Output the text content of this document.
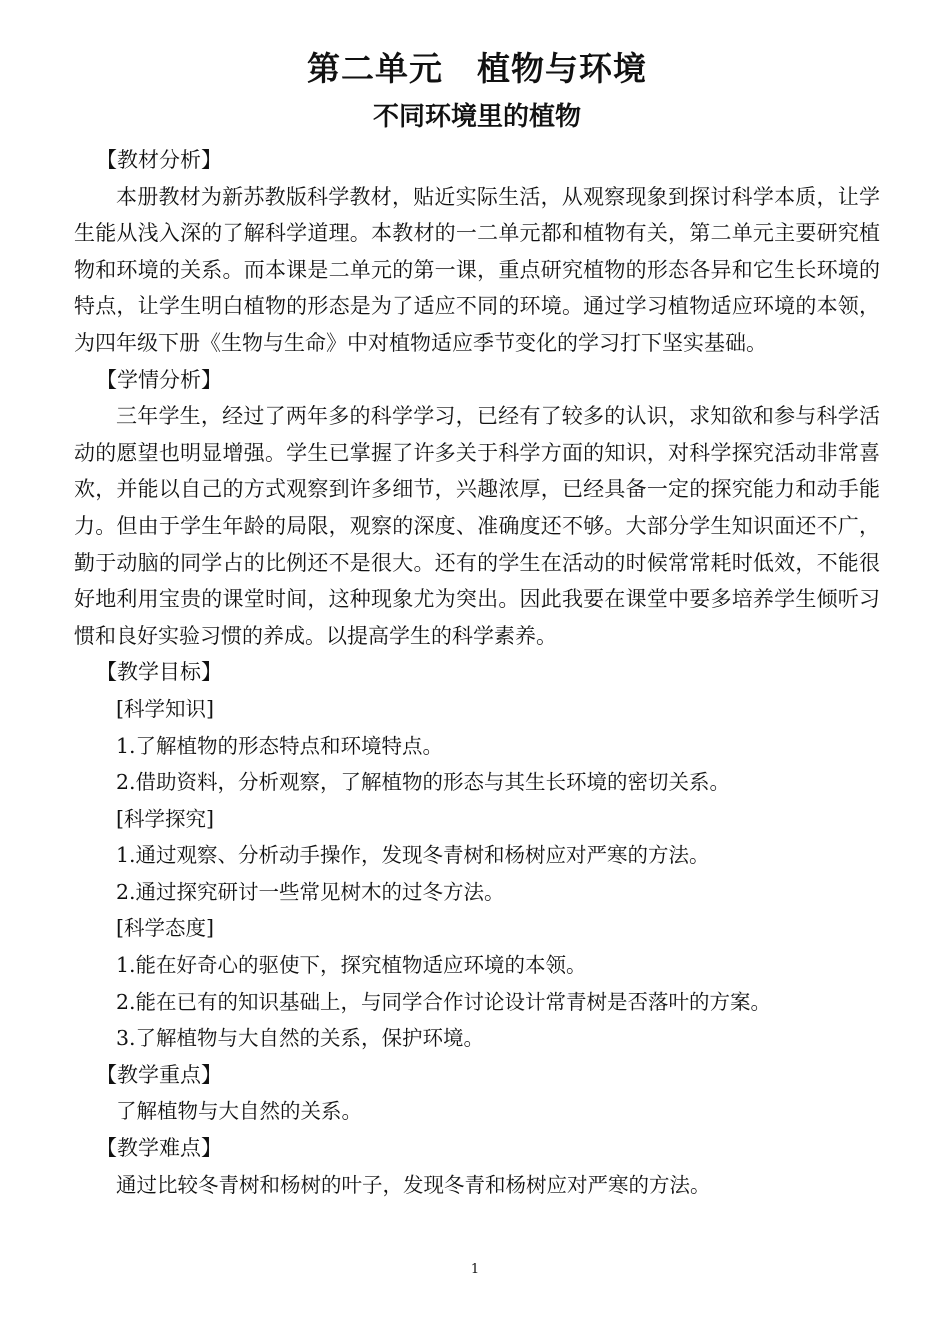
第二单元　植物与环境
不同环境里的植物

【教材分析】

本册教材为新苏教版科学教材，贴近实际生活，从观察现象到探讨科学本质，让学生能从浅入深的了解科学道理。本教材的一二单元都和植物有关，第二单元主要研究植物和环境的关系。而本课是二单元的第一课，重点研究植物的形态各异和它生长环境的特点，让学生明白植物的形态是为了适应不同的环境。通过学习植物适应环境的本领，为四年级下册《生物与生命》中对植物适应季节变化的学习打下坚实基础。

【学情分析】

三年学生，经过了两年多的科学学习，已经有了较多的认识，求知欲和参与科学活动的愿望也明显增强。学生已掌握了许多关于科学方面的知识，对科学探究活动非常喜欢，并能以自己的方式观察到许多细节，兴趣浓厚，已经具备一定的探究能力和动手能力。但由于学生年龄的局限，观察的深度、准确度还不够。大部分学生知识面还不广，勤于动脑的同学占的比例还不是很大。还有的学生在活动的时候常常耗时低效，不能很好地利用宝贵的课堂时间，这种现象尤为突出。因此我要在课堂中要多培养学生倾听习惯和良好实验习惯的养成。以提高学生的科学素养。

【教学目标】

[科学知识]

1.了解植物的形态特点和环境特点。

2.借助资料，分析观察，了解植物的形态与其生长环境的密切关系。

[科学探究]

1.通过观察、分析动手操作，发现冬青树和杨树应对严寒的方法。

2.通过探究研讨一些常见树木的过冬方法。

[科学态度]

1.能在好奇心的驱使下，探究植物适应环境的本领。

2.能在已有的知识基础上，与同学合作讨论设计常青树是否落叶的方案。

3.了解植物与大自然的关系，保护环境。

【教学重点】

了解植物与大自然的关系。

【教学难点】

通过比较冬青树和杨树的叶子，发现冬青和杨树应对严寒的方法。

1
